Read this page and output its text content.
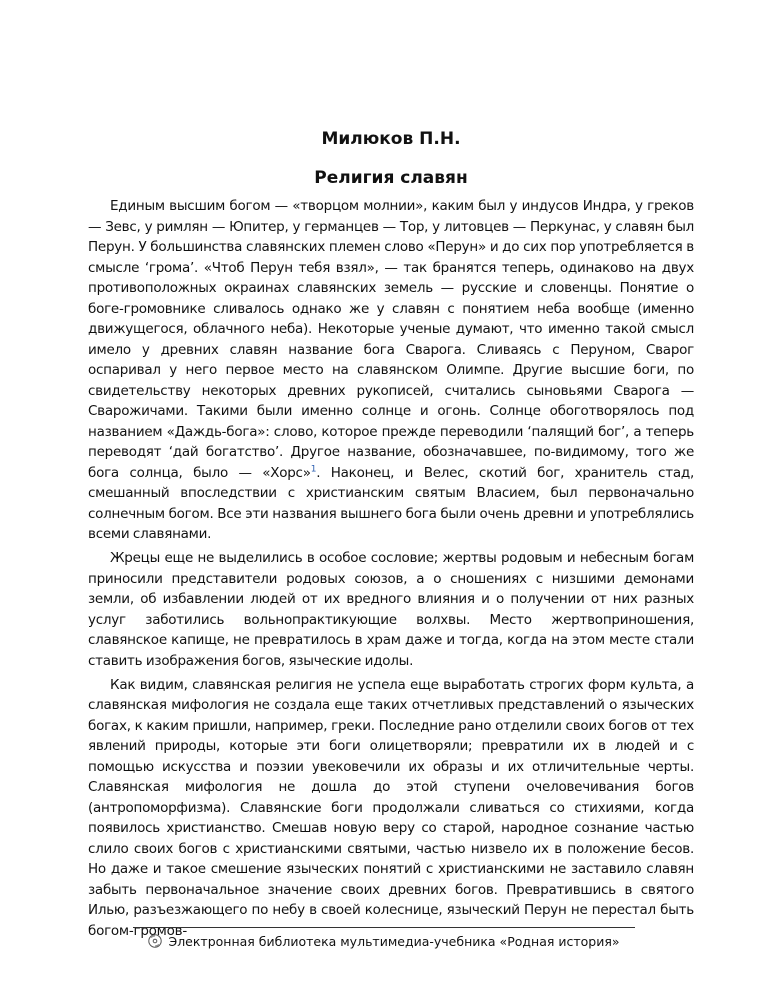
Милюков П.Н.
Религия славян

Единым высшим богом — «творцом молнии», каким был у индусов Индра, у греков — Зевс, у римлян — Юпитер, у германцев — Тор, у литовцев — Перкунас, у славян был Перун. У большинства славянских племен слово «Перун» и до сих пор употребляется в смысле ‘грома’. «Чтоб Перун тебя взял», — так бранятся теперь, одинаково на двух противоположных окраинах славянских земель — русские и словенцы. Понятие о боге-громовнике сливалось однако же у славян с понятием неба вообще (именно движущегося, облачного неба). Некоторые ученые думают, что именно такой смысл имело у древних славян название бога Сварога. Сливаясь с Перуном, Сварог оспаривал у него первое место на славянском Олимпе. Другие высшие боги, по свидетельству некоторых древних рукописей, считались сыновьями Сварога — Сварожичами. Такими были именно солнце и огонь. Солнце обоготворялось под названием «Даждь-бога»: слово, которое прежде переводили ‘палящий бог’, а теперь переводят ‘дай богатство’. Другое название, обозначавшее, по-видимому, того же бога солнца, было — «Хорс»$^1$. Наконец, и Велес, скотий бог, хранитель стад, смешанный впоследствии с христианским святым Власием, был первоначально солнечным богом. Все эти названия вышнего бога были очень древни и употреблялись всеми славянами.

Жрецы еще не выделились в особое сословие; жертвы родовым и небесным богам приносили представители родовых союзов, а о сношениях с низшими демонами земли, об избавлении людей от их вредного влияния и о получении от них разных услуг заботились вольнопрактикующие волхвы. Место жертвоприношения, славянское капище, не превратилось в храм даже и тогда, когда на этом месте стали ставить изображения богов, языческие идолы.

Как видим, славянская религия не успела еще выработать строгих форм культа, а славянская мифология не создала еще таких отчетливых представлений о языческих богах, к каким пришли, например, греки. Последние рано отделили своих богов от тех явлений природы, которые эти боги олицетворяли; превратили их в людей и с помощью искусства и поэзии увековечили их образы и их отличительные черты. Славянская мифология не дошла до этой ступени очеловечивания богов (антропоморфизма). Славянские боги продолжали сливаться со стихиями, когда появилось христианство. Смешав новую веру со старой, народное сознание частью слило своих богов с христианскими святыми, частью низвело их в положение бесов. Но даже и такое смешение языческих понятий с христианскими не заставило славян забыть первоначальное значение своих древних богов. Превратившись в святого Илью, разъезжающего по небу в своей колеснице, языческий Перун не перестал быть богом-громов-

Электронная библиотека мультимедиа-учебника «Родная история»
